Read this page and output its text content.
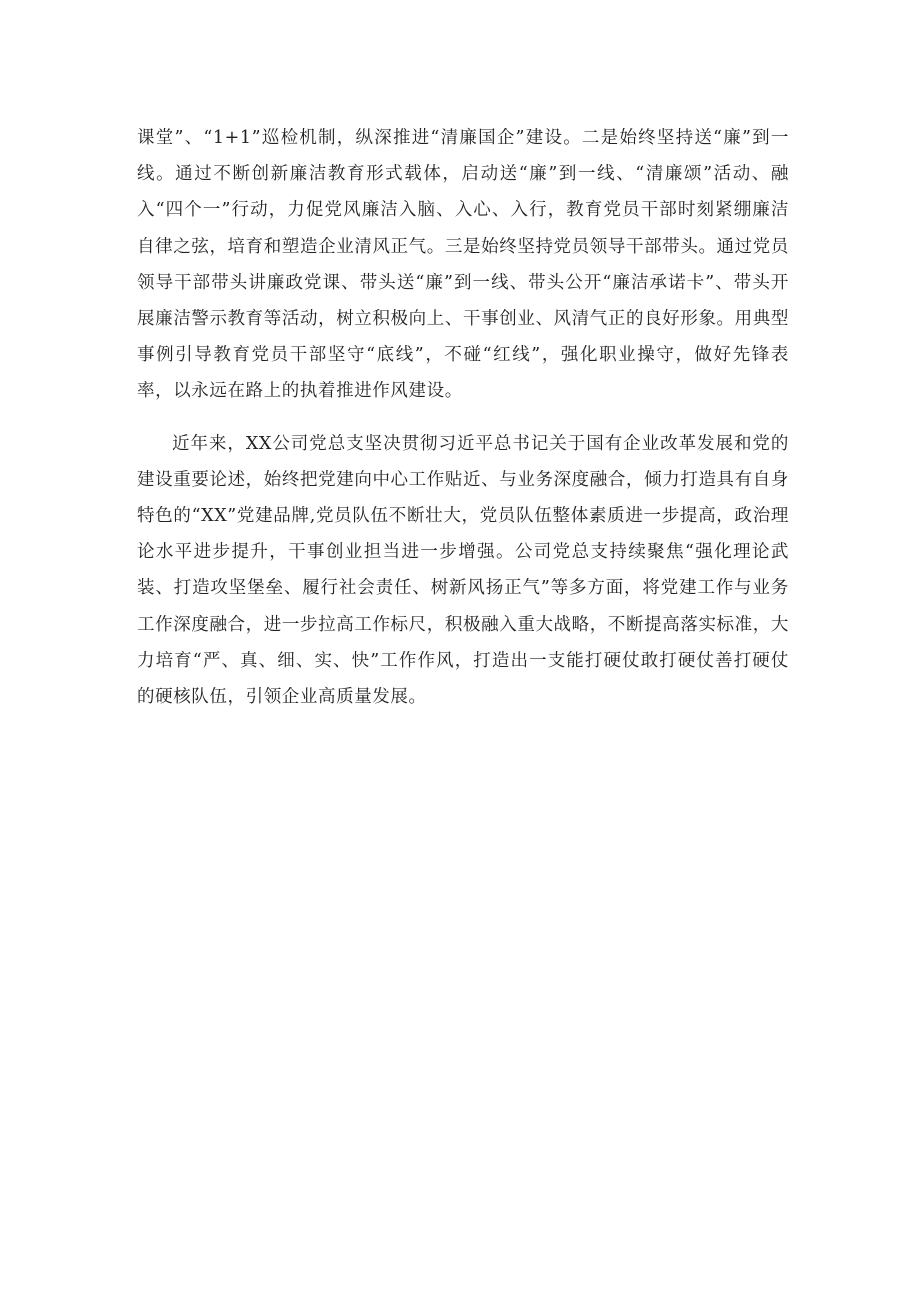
课堂”、“1+1”巡检机制，纵深推进“清廉国企”建设。二是始终坚持送“廉”到一线。通过不断创新廉洁教育形式载体，启动送“廉”到一线、“清廉颂”活动、融入“四个一”行动，力促党风廉洁入脑、入心、入行，教育党员干部时刻紧绷廉洁自律之弦，培育和塑造企业清风正气。三是始终坚持党员领导干部带头。通过党员领导干部带头讲廉政党课、带头送“廉”到一线、带头公开“廉洁承诺卡”、带头开展廉洁警示教育等活动，树立积极向上、干事创业、风清气正的良好形象。用典型事例引导教育党员干部坚守“底线”，不碰“红线”，强化职业操守，做好先锋表率，以永远在路上的执着推进作风建设。

近年来，XX公司党总支坚决贯彻习近平总书记关于国有企业改革发展和党的建设重要论述，始终把党建向中心工作贴近、与业务深度融合，倾力打造具有自身特色的“XX”党建品牌,党员队伍不断壮大，党员队伍整体素质进一步提高，政治理论水平进步提升，干事创业担当进一步增强。公司党总支持续聚焦“强化理论武装、打造攻坚堡垒、履行社会责任、树新风扬正气”等多方面，将党建工作与业务工作深度融合，进一步拉高工作标尺，积极融入重大战略，不断提高落实标准，大力培育“严、真、细、实、快”工作作风，打造出一支能打硬仗敢打硬仗善打硬仗的硬核队伍，引领企业高质量发展。
